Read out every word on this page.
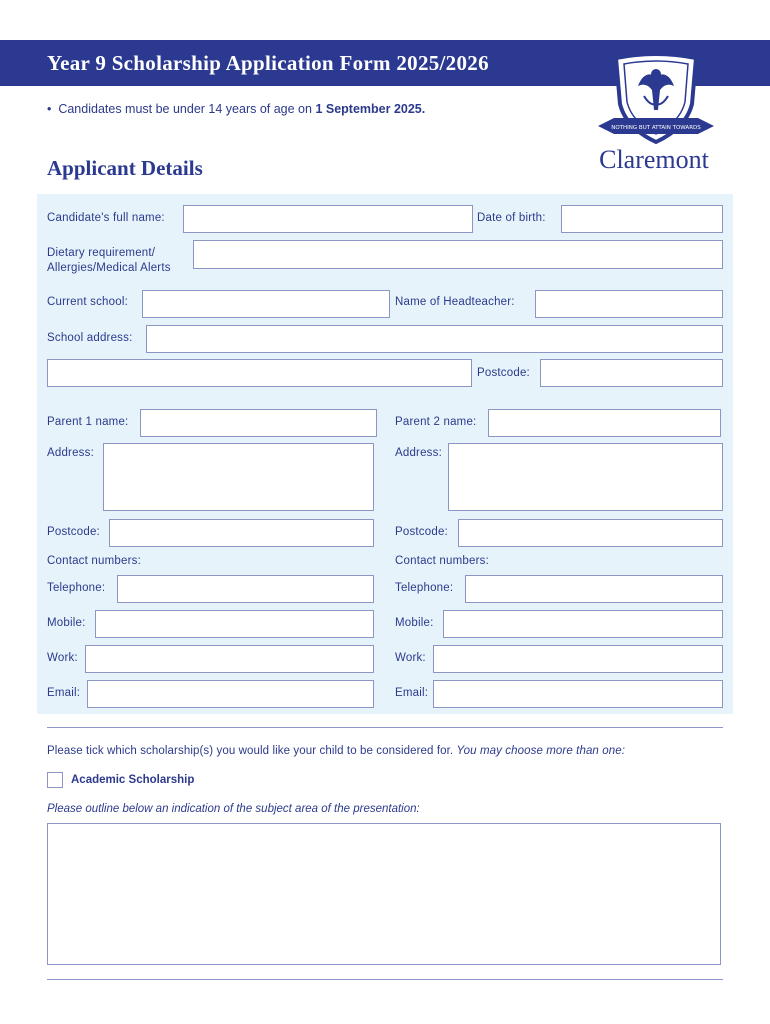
Year 9 Scholarship Application Form 2025/2026
NOTHING BUT ATTAIN TOWARDS
Claremont
•  Candidates must be under 14 years of age on 1 September 2025.
Applicant Details
Candidate's full name:	Date of birth:
Dietary requirement/
Allergies/Medical Alerts
Current school:	Name of Headteacher:
School address:
Postcode:
Parent 1 name:	Parent 2 name:
Address:	Address:
Postcode:	Postcode:
Contact numbers:	Contact numbers:
Telephone:	Telephone:
Mobile:	Mobile:
Work:	Work:
Email:	Email:
Please tick which scholarship(s) you would like your child to be considered for. You may choose more than one:
Academic Scholarship
Please outline below an indication of the subject area of the presentation:
